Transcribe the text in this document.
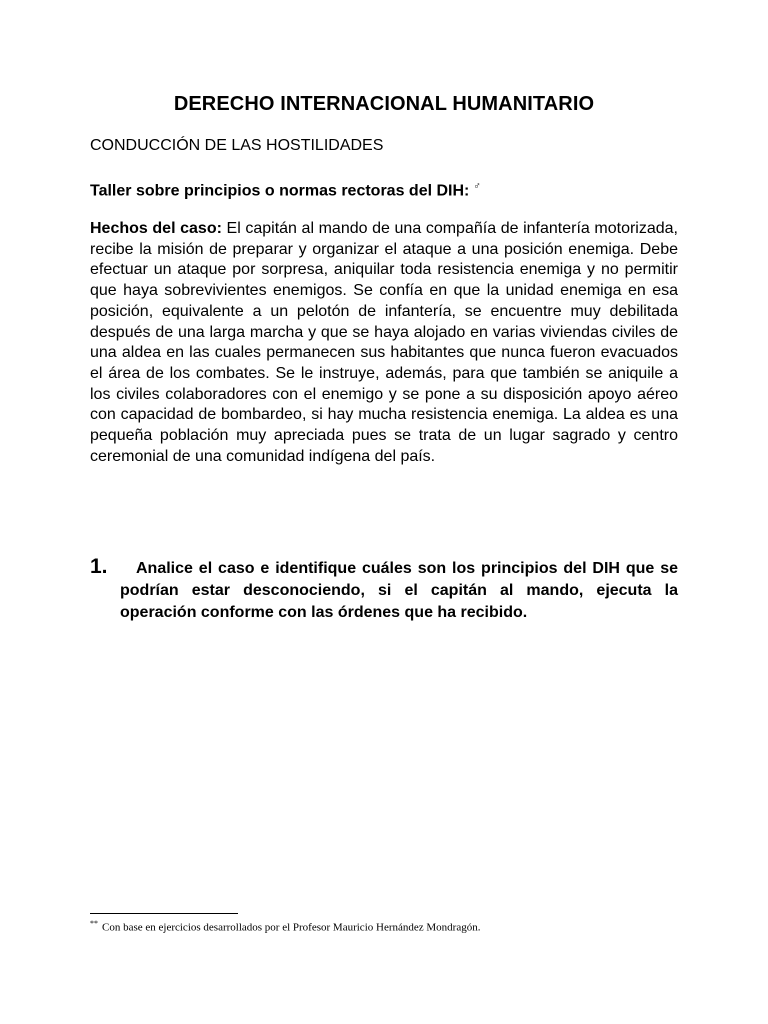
DERECHO INTERNACIONAL HUMANITARIO
CONDUCCIÓN DE LAS HOSTILIDADES
Taller sobre principios o normas rectoras del DIH: ♂
Hechos del caso: El capitán al mando de una compañía de infantería motorizada, recibe la misión de preparar y organizar el ataque a una posición enemiga. Debe efectuar un ataque por sorpresa, aniquilar toda resistencia enemiga y no permitir que haya sobrevivientes enemigos. Se confía en que la unidad enemiga en esa posición, equivalente a un pelotón de infantería, se encuentre muy debilitada después de una larga marcha y que se haya alojado en varias viviendas civiles de una aldea en las cuales permanecen sus habitantes que nunca fueron evacuados el área de los combates. Se le instruye, además, para que también se aniquile a los civiles colaboradores con el enemigo y se pone a su disposición apoyo aéreo con capacidad de bombardeo, si hay mucha resistencia enemiga. La aldea es una pequeña población muy apreciada pues se trata de un lugar sagrado y centro ceremonial de una comunidad indígena del país.
1.	Analice el caso e identifique cuáles son los principios del DIH que se podrían estar desconociendo, si el capitán al mando, ejecuta la operación conforme con las órdenes que ha recibido.
** Con base en ejercicios desarrollados por el Profesor Mauricio Hernández Mondragón.
